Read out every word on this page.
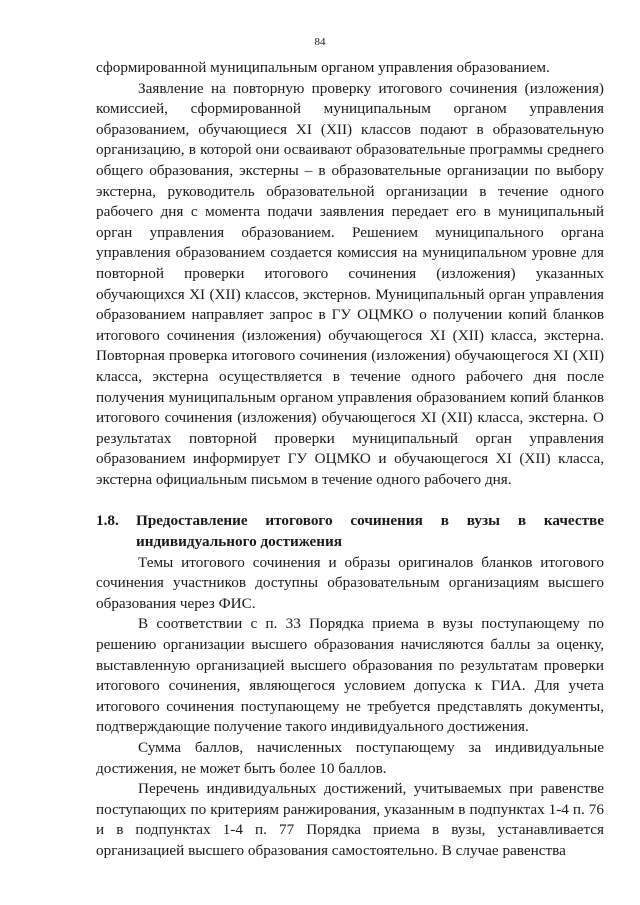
84

сформированной муниципальным органом управления образованием.

Заявление на повторную проверку итогового сочинения (изложения) комиссией, сформированной муниципальным органом управления образованием, обучающиеся XI (XII) классов подают в образовательную организацию, в которой они осваивают образовательные программы среднего общего образования, экстерны – в образовательные организации по выбору экстерна, руководитель образовательной организации в течение одного рабочего дня с момента подачи заявления передает его в муниципальный орган управления образованием. Решением муниципального органа управления образованием создается комиссия на муниципальном уровне для повторной проверки итогового сочинения (изложения) указанных обучающихся XI (XII) классов, экстернов. Муниципальный орган управления образованием направляет запрос в ГУ ОЦМКО о получении копий бланков итогового сочинения (изложения) обучающегося XI (XII) класса, экстерна. Повторная проверка итогового сочинения (изложения) обучающегося XI (XII) класса, экстерна осуществляется в течение одного рабочего дня после получения муниципальным органом управления образованием копий бланков итогового сочинения (изложения) обучающегося XI (XII) класса, экстерна. О результатах повторной проверки муниципальный орган управления образованием информирует ГУ ОЦМКО и обучающегося XI (XII) класса, экстерна официальным письмом в течение одного рабочего дня.

1.8.	Предоставление итогового сочинения в вузы в качестве индивидуального достижения

Темы итогового сочинения и образы оригиналов бланков итогового сочинения участников доступны образовательным организациям высшего образования через ФИС.

В соответствии с п. 33 Порядка приема в вузы поступающему по решению организации высшего образования начисляются баллы за оценку, выставленную организацией высшего образования по результатам проверки итогового сочинения, являющегося условием допуска к ГИА. Для учета итогового сочинения поступающему не требуется представлять документы, подтверждающие получение такого индивидуального достижения.

Сумма баллов, начисленных поступающему за индивидуальные достижения, не может быть более 10 баллов.

Перечень индивидуальных достижений, учитываемых при равенстве поступающих по критериям ранжирования, указанным в подпунктах 1-4 п. 76 и в подпунктах 1-4 п. 77 Порядка приема в вузы, устанавливается организацией высшего образования самостоятельно. В случае равенства
